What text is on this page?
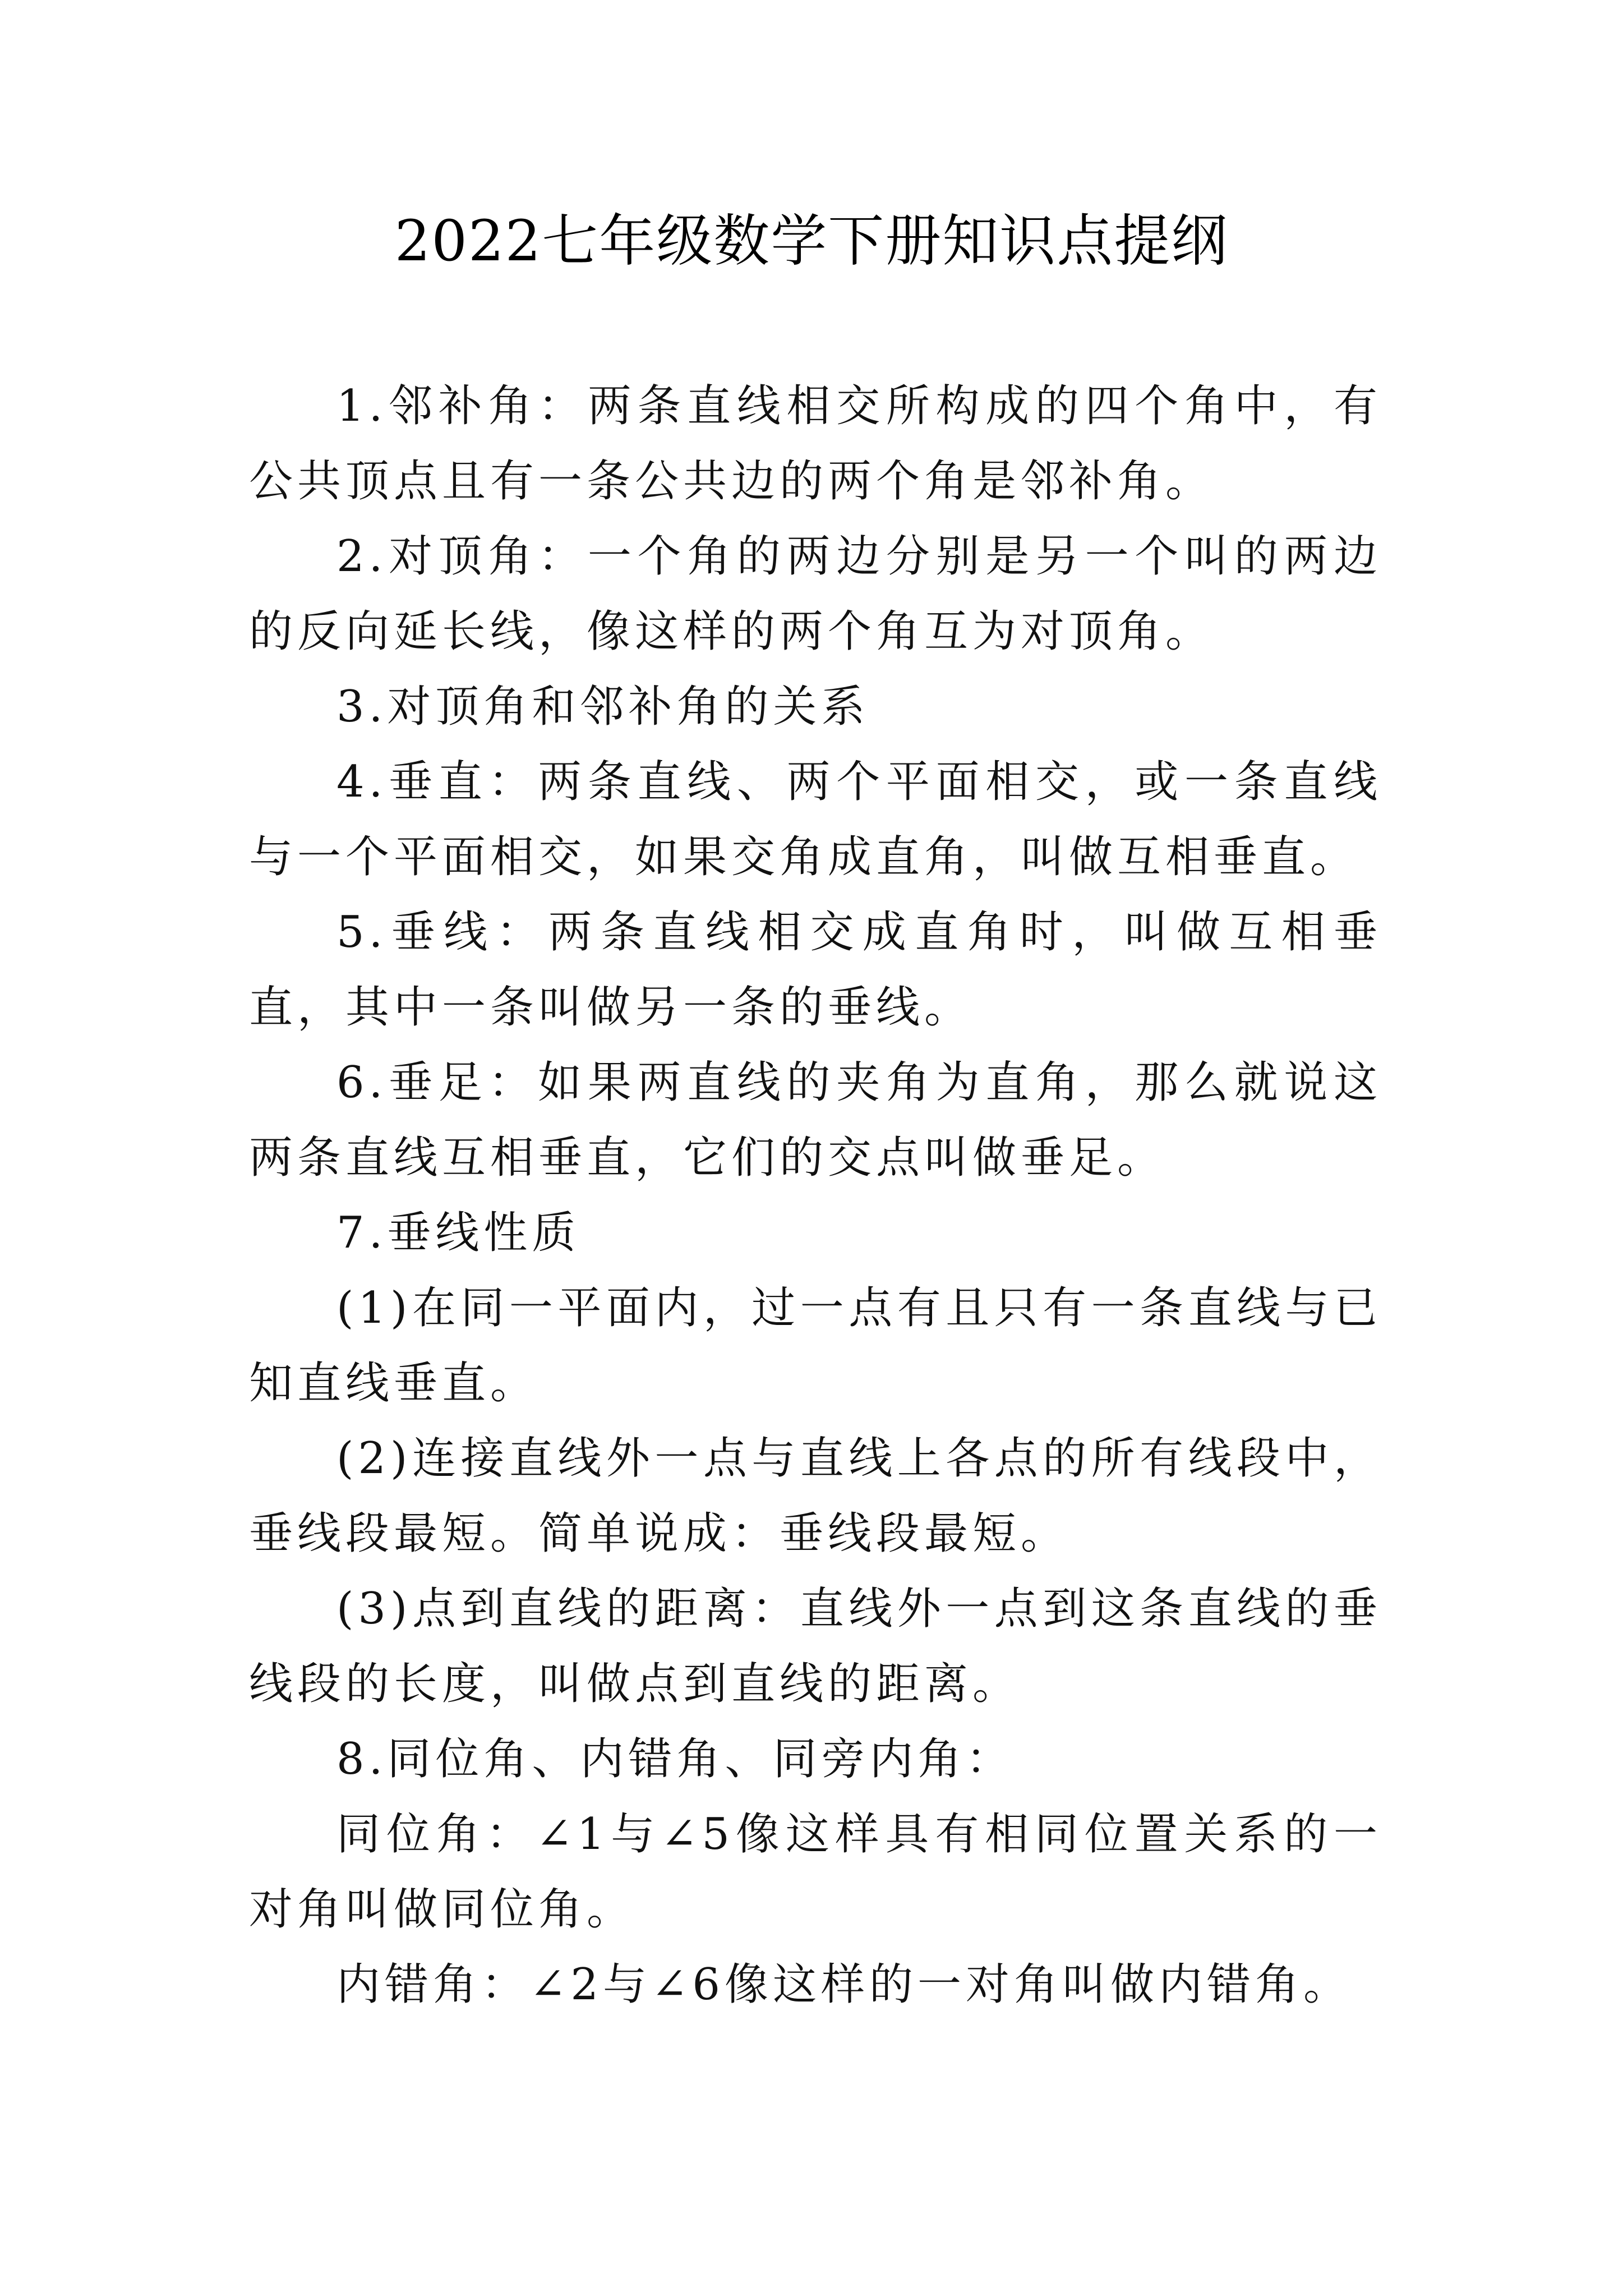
2022七年级数学下册知识点提纲

1.邻补角：两条直线相交所构成的四个角中，有公共顶点且有一条公共边的两个角是邻补角。

2.对顶角：一个角的两边分别是另一个叫的两边的反向延长线，像这样的两个角互为对顶角。

3.对顶角和邻补角的关系

4.垂直：两条直线、两个平面相交，或一条直线与一个平面相交，如果交角成直角，叫做互相垂直。

5.垂线：两条直线相交成直角时，叫做互相垂直，其中一条叫做另一条的垂线。

6.垂足：如果两直线的夹角为直角，那么就说这两条直线互相垂直，它们的交点叫做垂足。

7.垂线性质

(1)在同一平面内，过一点有且只有一条直线与已知直线垂直。

(2)连接直线外一点与直线上各点的所有线段中，垂线段最短。简单说成：垂线段最短。

(3)点到直线的距离：直线外一点到这条直线的垂线段的长度，叫做点到直线的距离。

8.同位角、内错角、同旁内角：

同位角：∠1与∠5像这样具有相同位置关系的一对角叫做同位角。

内错角：∠2与∠6像这样的一对角叫做内错角。
